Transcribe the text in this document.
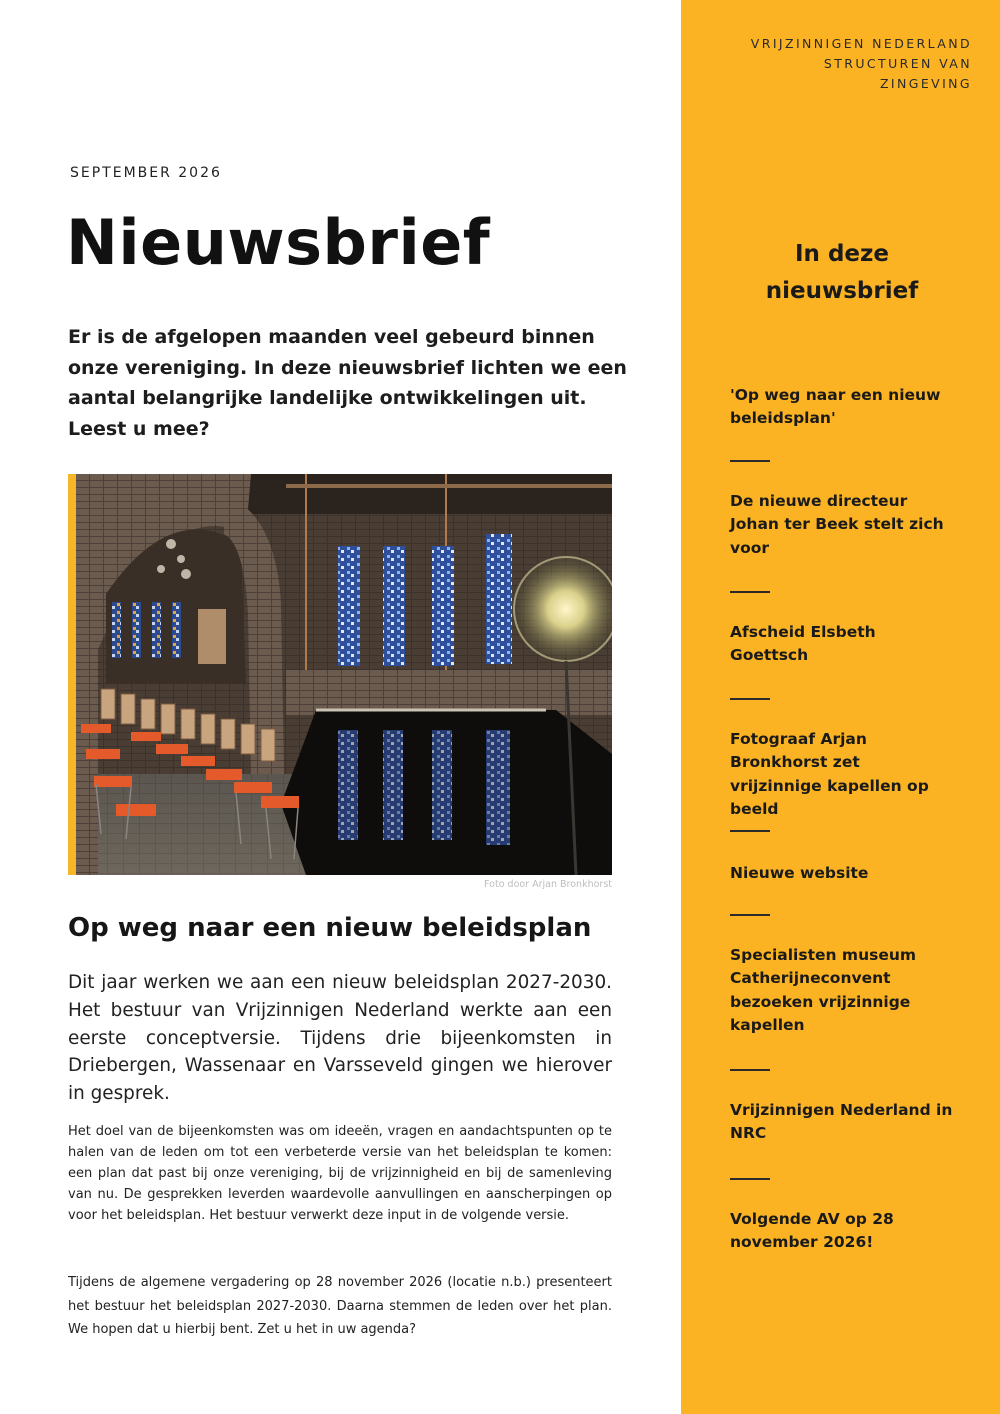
VRIJZINNIGEN NEDERLAND
STRUCTUREN VAN
ZINGEVING
SEPTEMBER 2026
Nieuwsbrief

Er is de afgelopen maanden veel gebeurd binnen onze vereniging. In deze nieuwsbrief lichten we een aantal belangrijke landelijke ontwikkelingen uit. Leest u mee?

Foto door Arjan Bronkhorst
Op weg naar een nieuw beleidsplan

Dit jaar werken we aan een nieuw beleidsplan 2027-2030. Het bestuur van Vrijzinnigen Nederland werkte aan een eerste conceptversie. Tijdens drie bijeenkomsten in Driebergen, Wassenaar en Varsseveld gingen we hierover in gesprek.

Het doel van de bijeenkomsten was om ideeën, vragen en aandachtspunten op te halen van de leden om tot een verbeterde versie van het beleidsplan te komen: een plan dat past bij onze vereniging, bij de vrijzinnigheid en bij de samenleving van nu. De gesprekken leverden waardevolle aanvullingen en aanscherpingen op voor het beleidsplan. Het bestuur verwerkt deze input in de volgende versie.

Tijdens de algemene vergadering op 28 november 2026 (locatie n.b.) presenteert het bestuur het beleidsplan 2027-2030. Daarna stemmen de leden over het plan. We hopen dat u hierbij bent. Zet u het in uw agenda?

In deze nieuwsbrief

'Op weg naar een nieuw beleidsplan'

De nieuwe directeur Johan ter Beek stelt zich voor

Afscheid Elsbeth Goettsch

Fotograaf Arjan Bronkhorst zet vrijzinnige kapellen op beeld

Nieuwe website

Specialisten museum Catherijneconvent bezoeken vrijzinnige kapellen

Vrijzinnigen Nederland in NRC

Volgende AV op 28 november 2026!
